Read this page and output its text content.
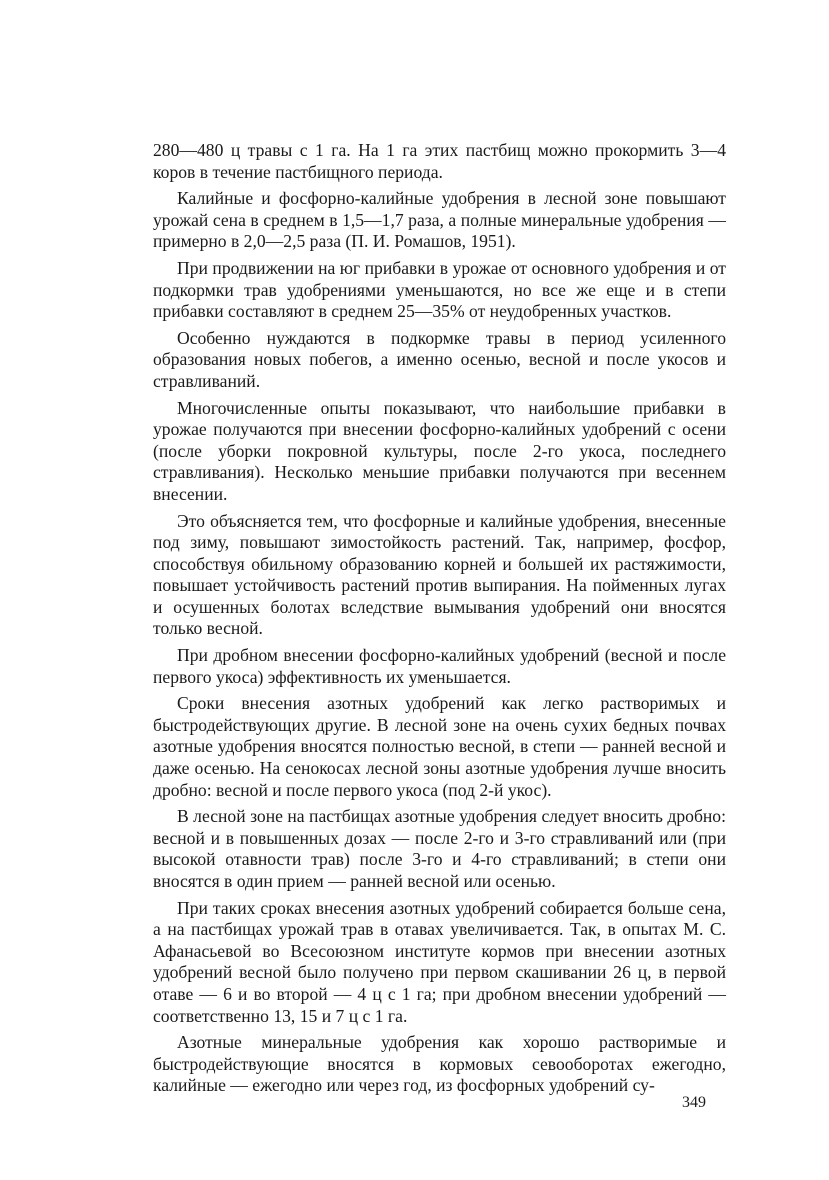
280—480 ц травы с 1 га. На 1 га этих пастбищ можно прокормить 3—4 коров в течение пастбищного периода.

Калийные и фосфорно-калийные удобрения в лесной зоне повышают урожай сена в среднем в 1,5—1,7 раза, а полные минеральные удобрения — примерно в 2,0—2,5 раза (П. И. Ромашов, 1951).

При продвижении на юг прибавки в урожае от основного удобрения и от подкормки трав удобрениями уменьшаются, но все же еще и в степи прибавки составляют в среднем 25—35% от неудобренных участков.

Особенно нуждаются в подкормке травы в период усиленного образования новых побегов, а именно осенью, весной и после укосов и стравливаний.

Многочисленные опыты показывают, что наибольшие прибавки в урожае получаются при внесении фосфорно-калийных удобрений с осени (после уборки покровной культуры, после 2-го укоса, последнего стравливания). Несколько меньшие прибавки получаются при весеннем внесении.

Это объясняется тем, что фосфорные и калийные удобрения, внесенные под зиму, повышают зимостойкость растений. Так, например, фосфор, способствуя обильному образованию корней и большей их растяжимости, повышает устойчивость растений против выпирания. На пойменных лугах и осушенных болотах вследствие вымывания удобрений они вносятся только весной.

При дробном внесении фосфорно-калийных удобрений (весной и после первого укоса) эффективность их уменьшается.

Сроки внесения азотных удобрений как легко растворимых и быстродействующих другие. В лесной зоне на очень сухих бедных почвах азотные удобрения вносятся полностью весной, в степи — ранней весной и даже осенью. На сенокосах лесной зоны азотные удобрения лучше вносить дробно: весной и после первого укоса (под 2-й укос).

В лесной зоне на пастбищах азотные удобрения следует вносить дробно: весной и в повышенных дозах — после 2-го и 3-го стравливаний или (при высокой отавности трав) после 3-го и 4-го стравливаний; в степи они вносятся в один прием — ранней весной или осенью.

При таких сроках внесения азотных удобрений собирается больше сена, а на пастбищах урожай трав в отавах увеличивается. Так, в опытах М. С. Афанасьевой во Всесоюзном институте кормов при внесении азотных удобрений весной было получено при первом скашивании 26 ц, в первой отаве — 6 и во второй — 4 ц с 1 га; при дробном внесении удобрений — соответственно 13, 15 и 7 ц с 1 га.

Азотные минеральные удобрения как хорошо растворимые и быстродействующие вносятся в кормовых севооборотах ежегодно, калийные — ежегодно или через год, из фосфорных удобрений су-

349
